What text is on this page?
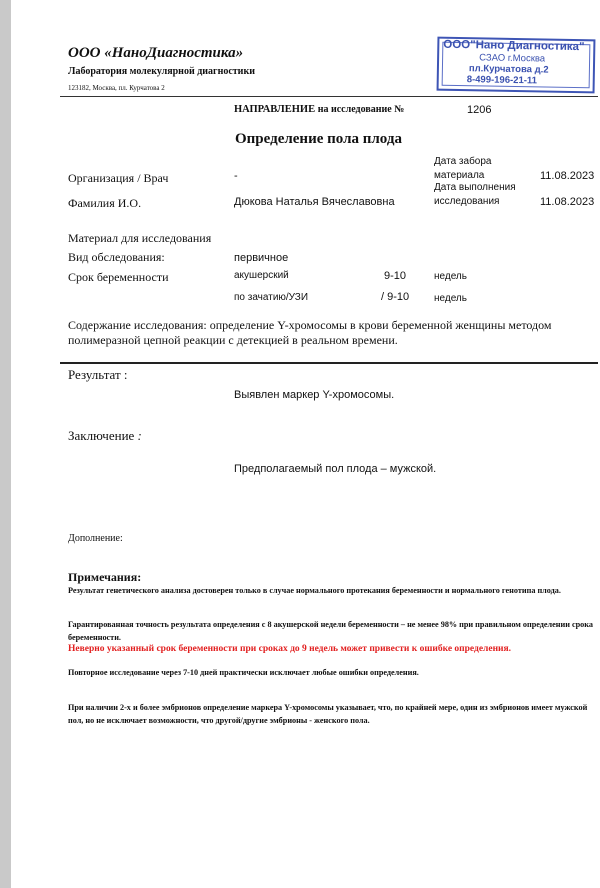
ООО «НаноДиагностика»
Лаборатория молекулярной диагностики
123182, Москва, пл. Курчатова 2
ООО"Нано Диагностика"
СЗАО г.Москва
пл.Курчатова д.2
8-499-196-21-11
НАПРАВЛЕНИЕ на исследование №	1206
Определение пола плода
Организация / Врач	-
Дата забора
материала	11.08.2023
Фамилия И.О.	Дюкова Наталья Вячеславовна
Дата выполнения
исследования	11.08.2023
Материал для исследования
Вид обследования:	первичное
Срок беременности	акушерский	9-10	недель
по зачатию/УЗИ	/ 9-10 недель
Содержание исследования: определение Y-хромосомы в крови беременной женщины методом полимеразной цепной реакции с детекцией в реальном времени.
Результат :
Выявлен маркер Y-хромосомы.
Заключение :
Предполагаемый пол плода – мужской.
Дополнение:
Примечания:
Результат генетического анализа достоверен только в случае нормального протекания беременности и нормального генотипа плода.
Гарантированная точность результата определения с 8 акушерской недели беременности – не менее 98% при правильном определении срока беременности.
Неверно указанный срок беременности при сроках до 9 недель может привести к ошибке определения.
Повторное исследование через 7-10 дней практически исключает любые ошибки определения.
При наличии 2-х и более эмбрионов определение маркера Y-хромосомы указывает, что, по крайней мере, один из эмбрионов имеет мужской пол, но не исключает возможности, что другой/другие эмбрионы - женского пола.
